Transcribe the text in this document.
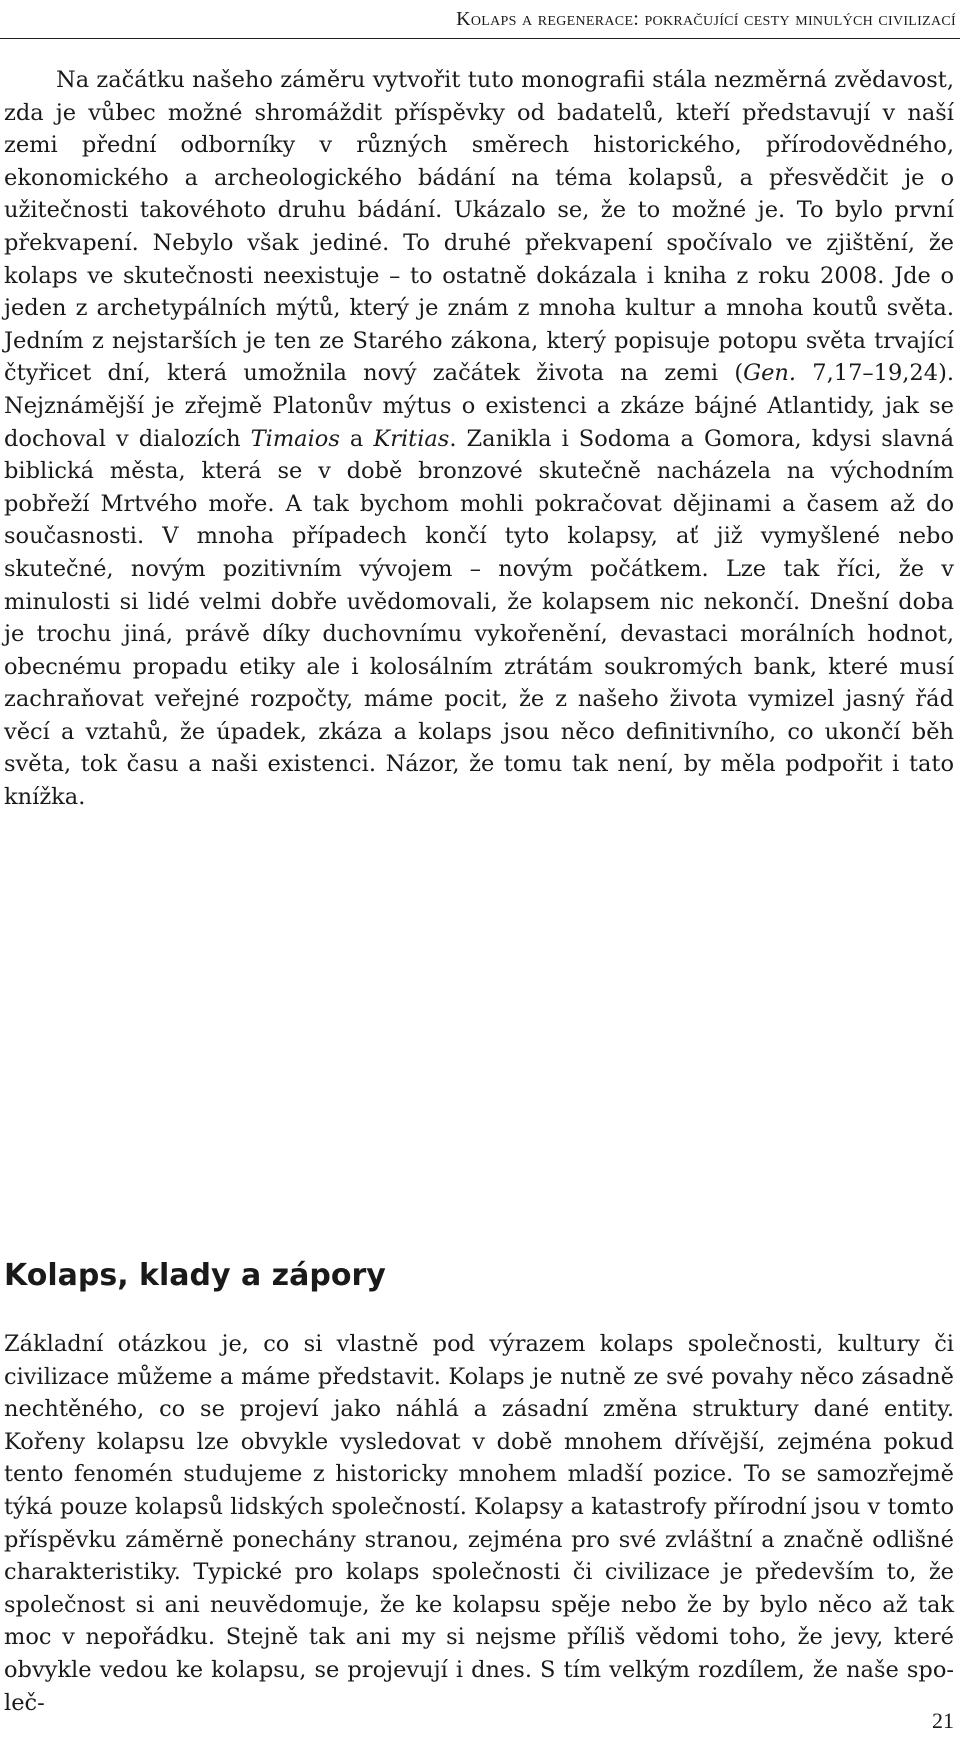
Kolaps a regenerace: pokračující cesty minulých civilizací

Na začátku našeho záměru vytvořit tuto monografii stála nezměrná zvědavost, zda je vůbec možné shromáždit příspěvky od badatelů, kteří představují v naší zemi přední odborníky v různých směrech historického, přírodovědného, ekonomického a archeologického bádání na téma kolapsů, a přesvědčit je o užitečnosti takovéhoto druhu bádání. Ukázalo se, že to možné je. To bylo první překvapení. Nebylo však jediné. To druhé překvapení spočívalo ve zjištění, že kolaps ve skutečnosti neexistuje – to ostatně dokázala i kniha z roku 2008. Jde o jeden z archetypálních mýtů, který je znám z mnoha kultur a mnoha koutů světa. Jedním z nejstarších je ten ze Starého zákona, který popisuje potopu světa trvající čtyřicet dní, která umožnila nový začátek života na zemi (Gen. 7,17–19,24). Nejznámější je zřejmě Platonův mýtus o existenci a zkáze bájné Atlantidy, jak se dochoval v dialozích Timaios a Kritias. Zanikla i Sodoma a Gomora, kdysi slavná biblická města, která se v době bronzové skutečně nacházela na východním pobřeží Mrtvého moře. A tak bychom mohli pokračovat dějinami a časem až do současnosti. V mnoha případech končí tyto kolapsy, ať již vymyšlené nebo skutečné, novým pozitivním vývojem – novým počátkem. Lze tak říci, že v minulosti si lidé velmi dobře uvědomovali, že kolapsem nic nekončí. Dnešní doba je trochu jiná, právě díky duchovnímu vykořenění, devastaci morálních hodnot, obecnému propadu etiky ale i kolosálním ztrátám soukromých bank, které musí zachraňovat veřejné rozpočty, máme pocit, že z našeho života vymizel jasný řád věcí a vztahů, že úpadek, zkáza a kolaps jsou něco definitivního, co ukončí běh světa, tok času a naši existenci. Názor, že tomu tak není, by měla podpořit i tato knížka.

Kolaps, klady a zápory

Základní otázkou je, co si vlastně pod výrazem kolaps společnosti, kultury či civilizace můžeme a máme představit. Kolaps je nutně ze své povahy něco zásadně nechtěného, co se projeví jako náhlá a zásadní změna struktury dané entity. Kořeny kolapsu lze obvykle vysledovat v době mnohem dřívější, zejména pokud tento fenomén studujeme z historicky mnohem mladší pozice. To se samozřejmě týká pouze kolapsů lidských společností. Kolapsy a katastrofy přírodní jsou v tomto příspěvku záměrně ponechány stranou, zejména pro své zvláštní a značně odlišné charakteristiky. Typické pro kolaps společnosti či civilizace je především to, že společnost si ani neuvědomuje, že ke kolapsu spěje nebo že by bylo něco až tak moc v nepořádku. Stejně tak ani my si nejsme příliš vědomi toho, že jevy, které obvykle vedou ke kolapsu, se projevují i dnes. S tím velkým rozdílem, že naše společ-

21
